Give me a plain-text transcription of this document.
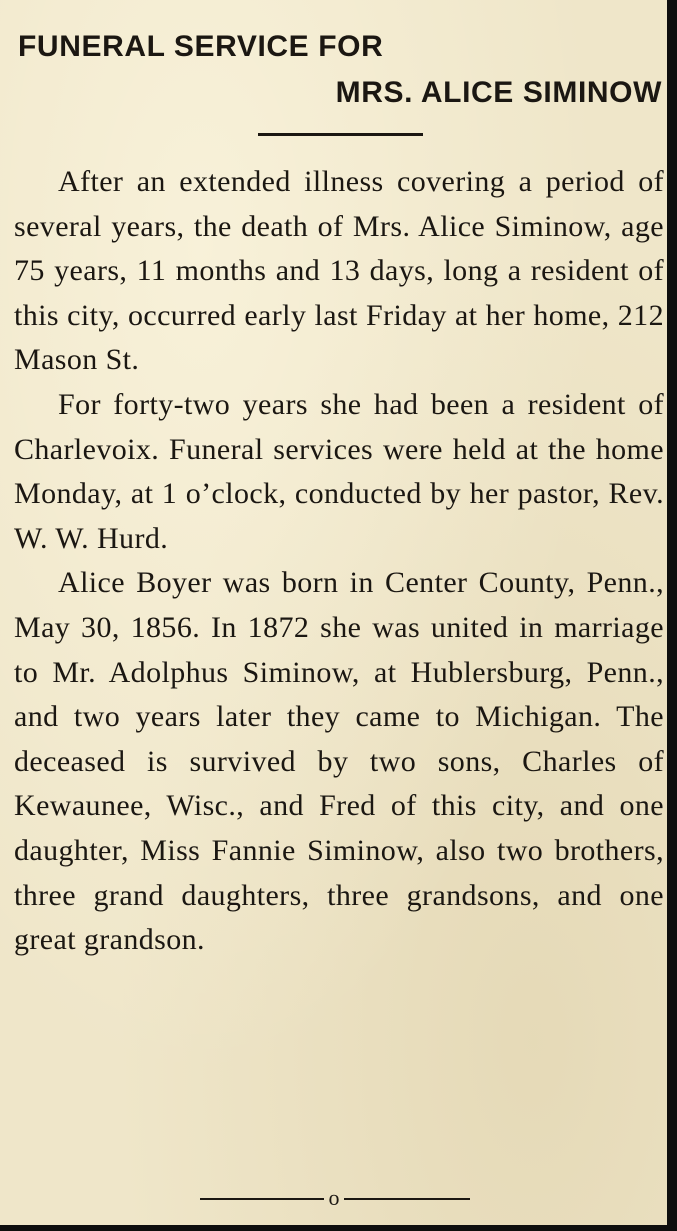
FUNERAL SERVICE FOR
MRS. ALICE SIMINOW

After an extended illness covering a period of several years, the death of Mrs. Alice Siminow, age 75 years, 11 months and 13 days, long a resident of this city, occurred early last Friday at her home, 212 Mason St.

For forty-two years she had been a resident of Charlevoix. Funeral services were held at the home Monday, at 1 o’clock, conducted by her pastor, Rev. W. W. Hurd.

Alice Boyer was born in Center County, Penn., May 30, 1856. In 1872 she was united in marriage to Mr. Adolphus Siminow, at Hublersburg, Penn., and two years later they came to Michigan. The deceased is survived by two sons, Charles of Kewaunee, Wisc., and Fred of this city, and one daughter, Miss Fannie Siminow, also two brothers, three grand daughters, three grandsons, and one great grandson.

o
